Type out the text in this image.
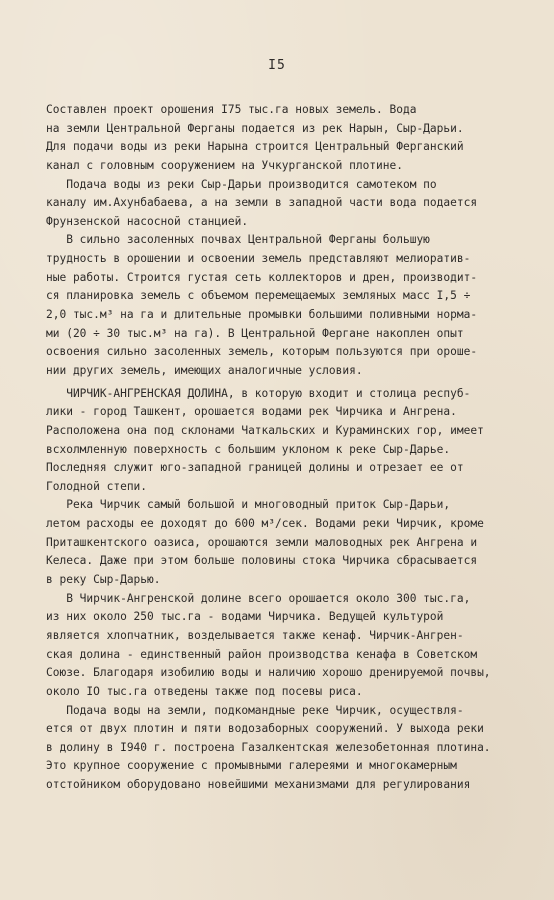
I5
Составлен проект орошения I75 тыс.га новых земель. Вода
на земли Центральной Ферганы подается из рек Нарын, Сыр-Дарьи.
Для подачи воды из реки Нарына строится Центральный Ферганский
канал с головным сооружением на Учкурганской плотине.
Подача воды из реки Сыр-Дарьи производится самотеком по
каналу им.Ахунбабаева, а на земли в западной части вода подается
Фрунзенской насосной станцией.
В сильно засоленных почвах Центральной Ферганы большую
трудность в орошении и освоении земель представляют мелиоратив-
ные работы. Строится густая сеть коллекторов и дрен, производит-
ся планировка земель с объемом перемещаемых земляных масс I,5 ÷
2,0 тыс.м³ на га и длительные промывки большими поливными норма-
ми (20 ÷ 30 тыс.м³ на га). В Центральной Фергане накоплен опыт
освоения сильно засоленных земель, которым пользуются при ороше-
нии других земель, имеющих аналогичные условия.
ЧИРЧИК-АНГРЕНСКАЯ ДОЛИНА, в которую входит и столица респуб-
лики - город Ташкент, орошается водами рек Чирчика и Ангрена.
Расположена она под склонами Чаткальских и Кураминских гор, имеет
всхолмленную поверхность с большим уклоном к реке Сыр-Дарье.
Последняя служит юго-западной границей долины и отрезает ее от
Голодной степи.
Река Чирчик самый большой и многоводный приток Сыр-Дарьи,
летом расходы ее доходят до 600 м³/сек. Водами реки Чирчик, кроме
Приташкентского оазиса, орошаются земли маловодных рек Ангрена и
Келеса. Даже при этом больше половины стока Чирчика сбрасывается
в реку Сыр-Дарью.
В Чирчик-Ангренской долине всего орошается около 300 тыс.га,
из них около 250 тыс.га - водами Чирчика. Ведущей культурой
является хлопчатник, возделывается также кенаф. Чирчик-Ангрен-
ская долина - единственный район производства кенафа в Советском
Союзе. Благодаря изобилию воды и наличию хорошо дренируемой почвы,
около IO тыс.га отведены также под посевы риса.
Подача воды на земли, подкомандные реке Чирчик, осуществля-
ется от двух плотин и пяти водозаборных сооружений. У выхода реки
в долину в I940 г. построена Газалкентская железобетонная плотина.
Это крупное сооружение с промывными галереями и многокамерным
отстойником оборудовано новейшими механизмами для регулирования
